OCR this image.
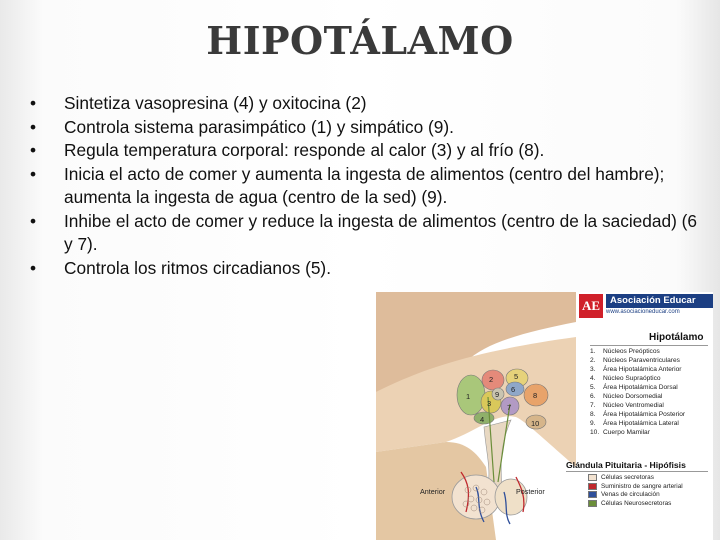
HIPOTÁLAMO
• Sintetiza vasopresina (4) y oxitocina (2)
• Controla sistema parasimpático (1) y simpático (9).
• Regula temperatura corporal: responde al calor (3) y al frío (8).
• Inicia el acto de comer y aumenta la ingesta de alimentos (centro del hambre); aumenta la ingesta de agua (centro de la sed) (9).
• Inhibe el acto de comer y reduce la ingesta de alimentos (centro de la saciedad) (6 y 7).
• Controla los ritmos circadianos (5).
1
2
3
4
5
6
7
8
9
10
AE	Asociación Educar
www.asociacioneducar.com
Hipotálamo
1. Núcleos Preópticos
2. Núcleos Paraventriculares
3. Área Hipotalámica Anterior
4. Núcleo Supraóptico
5. Área Hipotalámica Dorsal
6. Núcleo Dorsomedial
7. Núcleo Ventromedial
8. Área Hipotalámica Posterior
9. Área Hipotalámica Lateral
10. Cuerpo Mamilar
Glándula Pituitaria - Hipófisis
Células secretoras
Suministro de sangre arterial
Venas de circulación
Células Neurosecretoras
Anterior	Posterior
